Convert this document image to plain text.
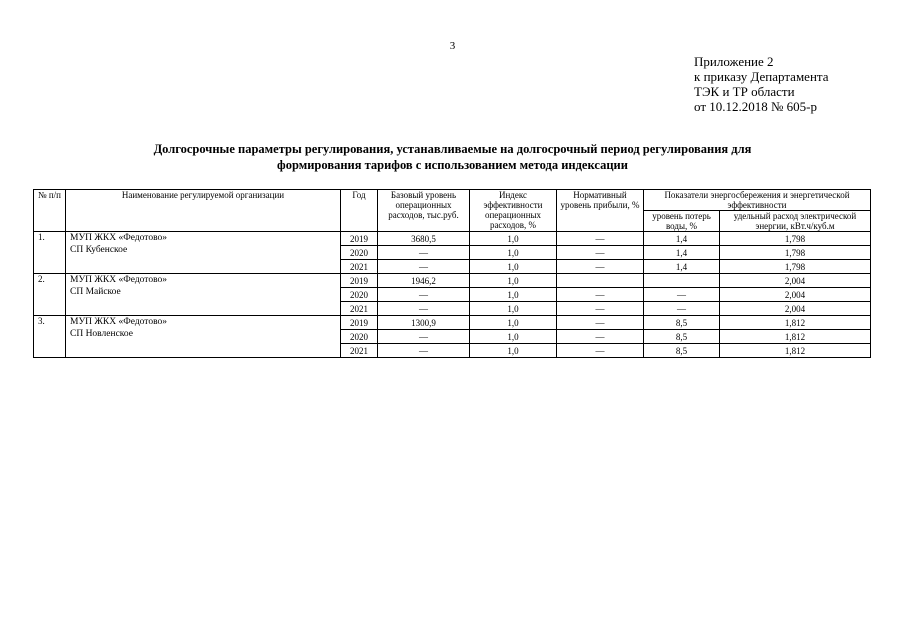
3
Приложение 2
к приказу Департамента
ТЭК и ТР области
от 10.12.2018 № 605-р
Долгосрочные параметры регулирования, устанавливаемые на долгосрочный период регулирования для
формирования тарифов с использованием метода индексации
№ п/п	Наименование регулируемой организации	Год	Базовый уровень операционных расходов, тыс.руб.	Индекс эффективности операционных расходов, %	Нормативный уровень прибыли, %	Показатели энергосбережения и энергетической эффективности	
						уровень потерь воды, %	удельный расход электрической энергии, кВт.ч/куб.м
1.	МУП ЖКХ «Федотово»
СП Кубенское	2019	3680,5	1,0	—	1,4	1,798
		2020	—	1,0	—	1,4	1,798
		2021	—	1,0	—	1,4	1,798
2.	МУП ЖКХ «Федотово»
СП Майское	2019	1946,2	1,0			2,004
		2020	—	1,0	—	—	2,004
		2021	—	1,0	—	—	2,004
3.	МУП ЖКХ «Федотово»
СП Новленское	2019	1300,9	1,0	—	8,5	1,812
		2020	—	1,0	—	8,5	1,812
		2021	—	1,0	—	8,5	1,812
